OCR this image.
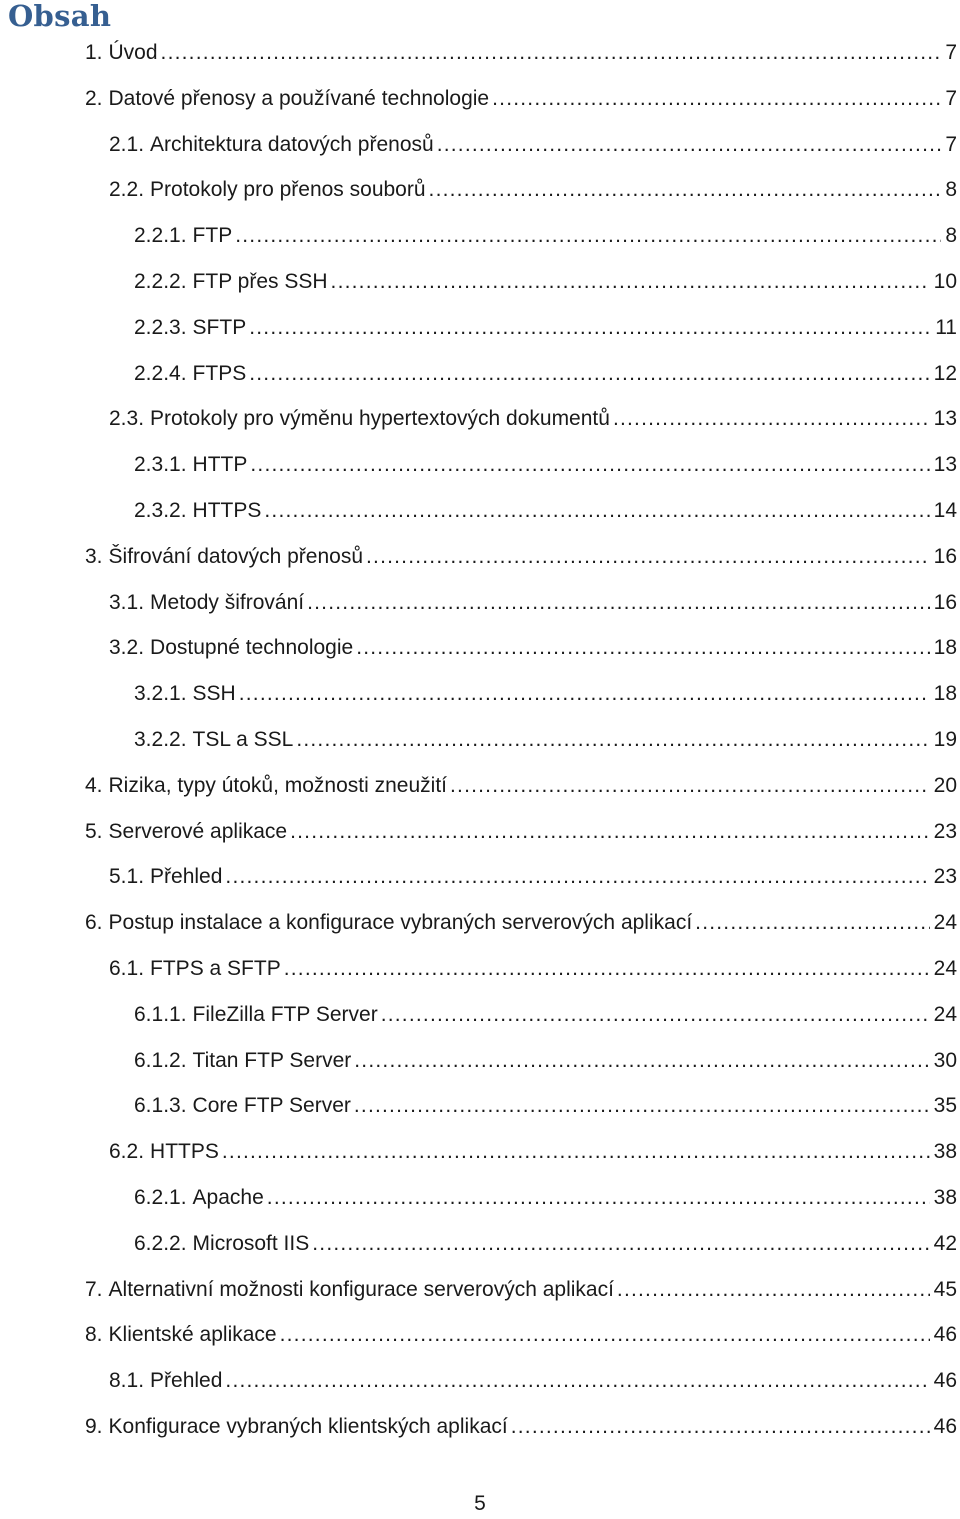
Obsah
1. Úvod .....	7
2. Datové přenosy a používané technologie .....	7
2.1. Architektura datových přenosů .....	7
2.2. Protokoly pro přenos souborů .....	8
2.2.1. FTP .....	8
2.2.2. FTP přes SSH .....	10
2.2.3. SFTP .....	11
2.2.4. FTPS .....	12
2.3. Protokoly pro výměnu hypertextových dokumentů .....	13
2.3.1. HTTP .....	13
2.3.2. HTTPS .....	14
3. Šifrování datových přenosů .....	16
3.1. Metody šifrování .....	16
3.2. Dostupné technologie .....	18
3.2.1. SSH .....	18
3.2.2. TSL a SSL .....	19
4. Rizika, typy útoků, možnosti zneužití .....	20
5. Serverové aplikace .....	23
5.1. Přehled .....	23
6. Postup instalace a konfigurace vybraných serverových aplikací .....	24
6.1. FTPS a SFTP .....	24
6.1.1. FileZilla FTP Server .....	24
6.1.2. Titan FTP Server .....	30
6.1.3. Core FTP Server .....	35
6.2. HTTPS .....	38
6.2.1. Apache .....	38
6.2.2. Microsoft IIS .....	42
7. Alternativní možnosti konfigurace serverových aplikací .....	45
8. Klientské aplikace .....	46
8.1. Přehled .....	46
9. Konfigurace vybraných klientských aplikací .....	46
5
